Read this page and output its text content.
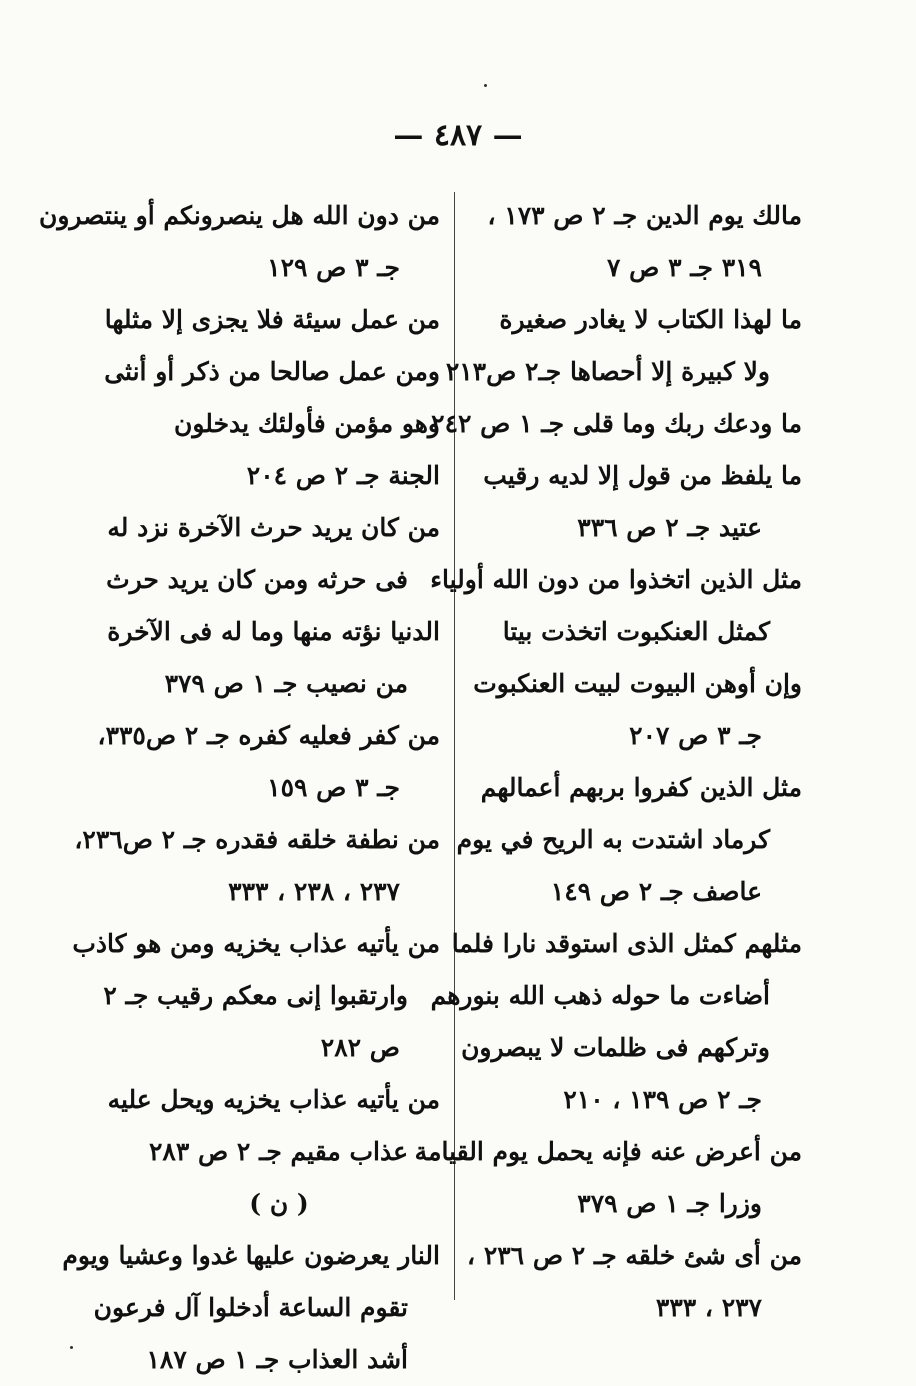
— ٤٨٧ —
مالك يوم الدين جـ ٢ ص ١٧٣ ،
٣١٩ جـ ٣ ص ٧
ما لهذا الكتاب لا يغادر صغيرة
ولا كبيرة إلا أحصاها جـ٢ ص٢١٣
ما ودعك ربك وما قلى جـ ١ ص ٢٤٢
ما يلفظ من قول إلا لديه رقيب
عتيد جـ ٢ ص ٣٣٦
مثل الذين اتخذوا من دون الله أولياء
كمثل العنكبوت اتخذت بيتا
وإن أوهن البيوت لبيت العنكبوت
جـ ٣ ص ٢٠٧
مثل الذين كفروا بربهم أعمالهم
كرماد اشتدت به الريح في يوم
عاصف جـ ٢ ص ١٤٩
مثلهم كمثل الذى استوقد نارا فلما
أضاءت ما حوله ذهب الله بنورهم
وتركهم فى ظلمات لا يبصرون
جـ ٢ ص ١٣٩ ، ٢١٠
من أعرض عنه فإنه يحمل يوم القيامة
وزرا جـ ١ ص ٣٧٩
من أى شئ خلقه جـ ٢ ص ٢٣٦ ،
٢٣٧ ، ٣٣٣
من دون الله هل ينصرونكم أو ينتصرون
جـ ٣ ص ١٢٩
من عمل سيئة فلا يجزى إلا مثلها
ومن عمل صالحا من ذكر أو أنثى
وهو مؤمن فأولئك يدخلون
الجنة جـ ٢ ص ٢٠٤
من كان يريد حرث الآخرة نزد له
فى حرثه ومن كان يريد حرث
الدنيا نؤته منها وما له فى الآخرة
من نصيب جـ ١ ص ٣٧٩
من كفر فعليه كفره جـ ٢ ص٣٣٥،
جـ ٣ ص ١٥٩
من نطفة خلقه فقدره جـ ٢ ص٢٣٦،
٢٣٧ ، ٢٣٨ ، ٣٣٣
من يأتيه عذاب يخزيه ومن هو كاذب
وارتقبوا إنى معكم رقيب جـ ٢
ص ٢٨٢
من يأتيه عذاب يخزيه ويحل عليه
عذاب مقيم جـ ٢ ص ٢٨٣
( ن )
النار يعرضون عليها غدوا وعشيا ويوم
تقوم الساعة أدخلوا آل فرعون
أشد العذاب جـ ١ ص ١٨٧
